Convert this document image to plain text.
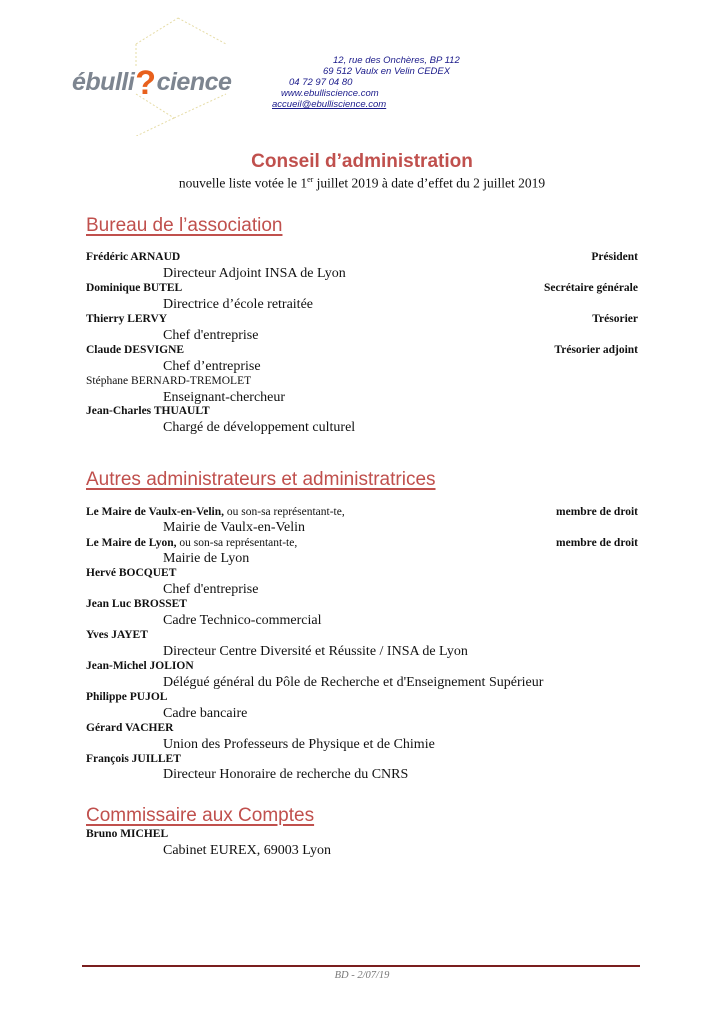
ébulli?cience
12, rue des Onchères, BP 112
69 512 Vaulx en Velin CEDEX
04 72 97 04 80
www.ebulliscience.com
accueil@ebulliscience.com
Conseil d’administration
nouvelle liste votée le 1er juillet 2019 à date d’effet du 2 juillet 2019
Bureau de l’association
Frédéric ARNAUD	Président
Directeur Adjoint INSA de Lyon
Dominique BUTEL	Secrétaire générale
Directrice d’école retraitée
Thierry LERVY	Trésorier
Chef d'entreprise
Claude DESVIGNE	Trésorier adjoint
Chef d’entreprise
Stéphane BERNARD-TREMOLET
Enseignant-chercheur
Jean-Charles THUAULT
Chargé de développement culturel
Autres administrateurs et administratrices
Le Maire de Vaulx-en-Velin, ou son-sa représentant-te,	membre de droit
Mairie de Vaulx-en-Velin
Le Maire de Lyon, ou son-sa représentant-te,	membre de droit
Mairie de Lyon
Hervé BOCQUET
Chef d'entreprise
Jean Luc BROSSET
Cadre Technico-commercial
Yves JAYET
Directeur Centre Diversité et Réussite / INSA de Lyon
Jean-Michel JOLION
Délégué général du Pôle de Recherche et d'Enseignement Supérieur
Philippe PUJOL
Cadre bancaire
Gérard VACHER
Union des Professeurs de Physique et de Chimie
François JUILLET
Directeur Honoraire de recherche du CNRS
Commissaire aux Comptes
Bruno MICHEL
Cabinet EUREX, 69003 Lyon
BD - 2/07/19
